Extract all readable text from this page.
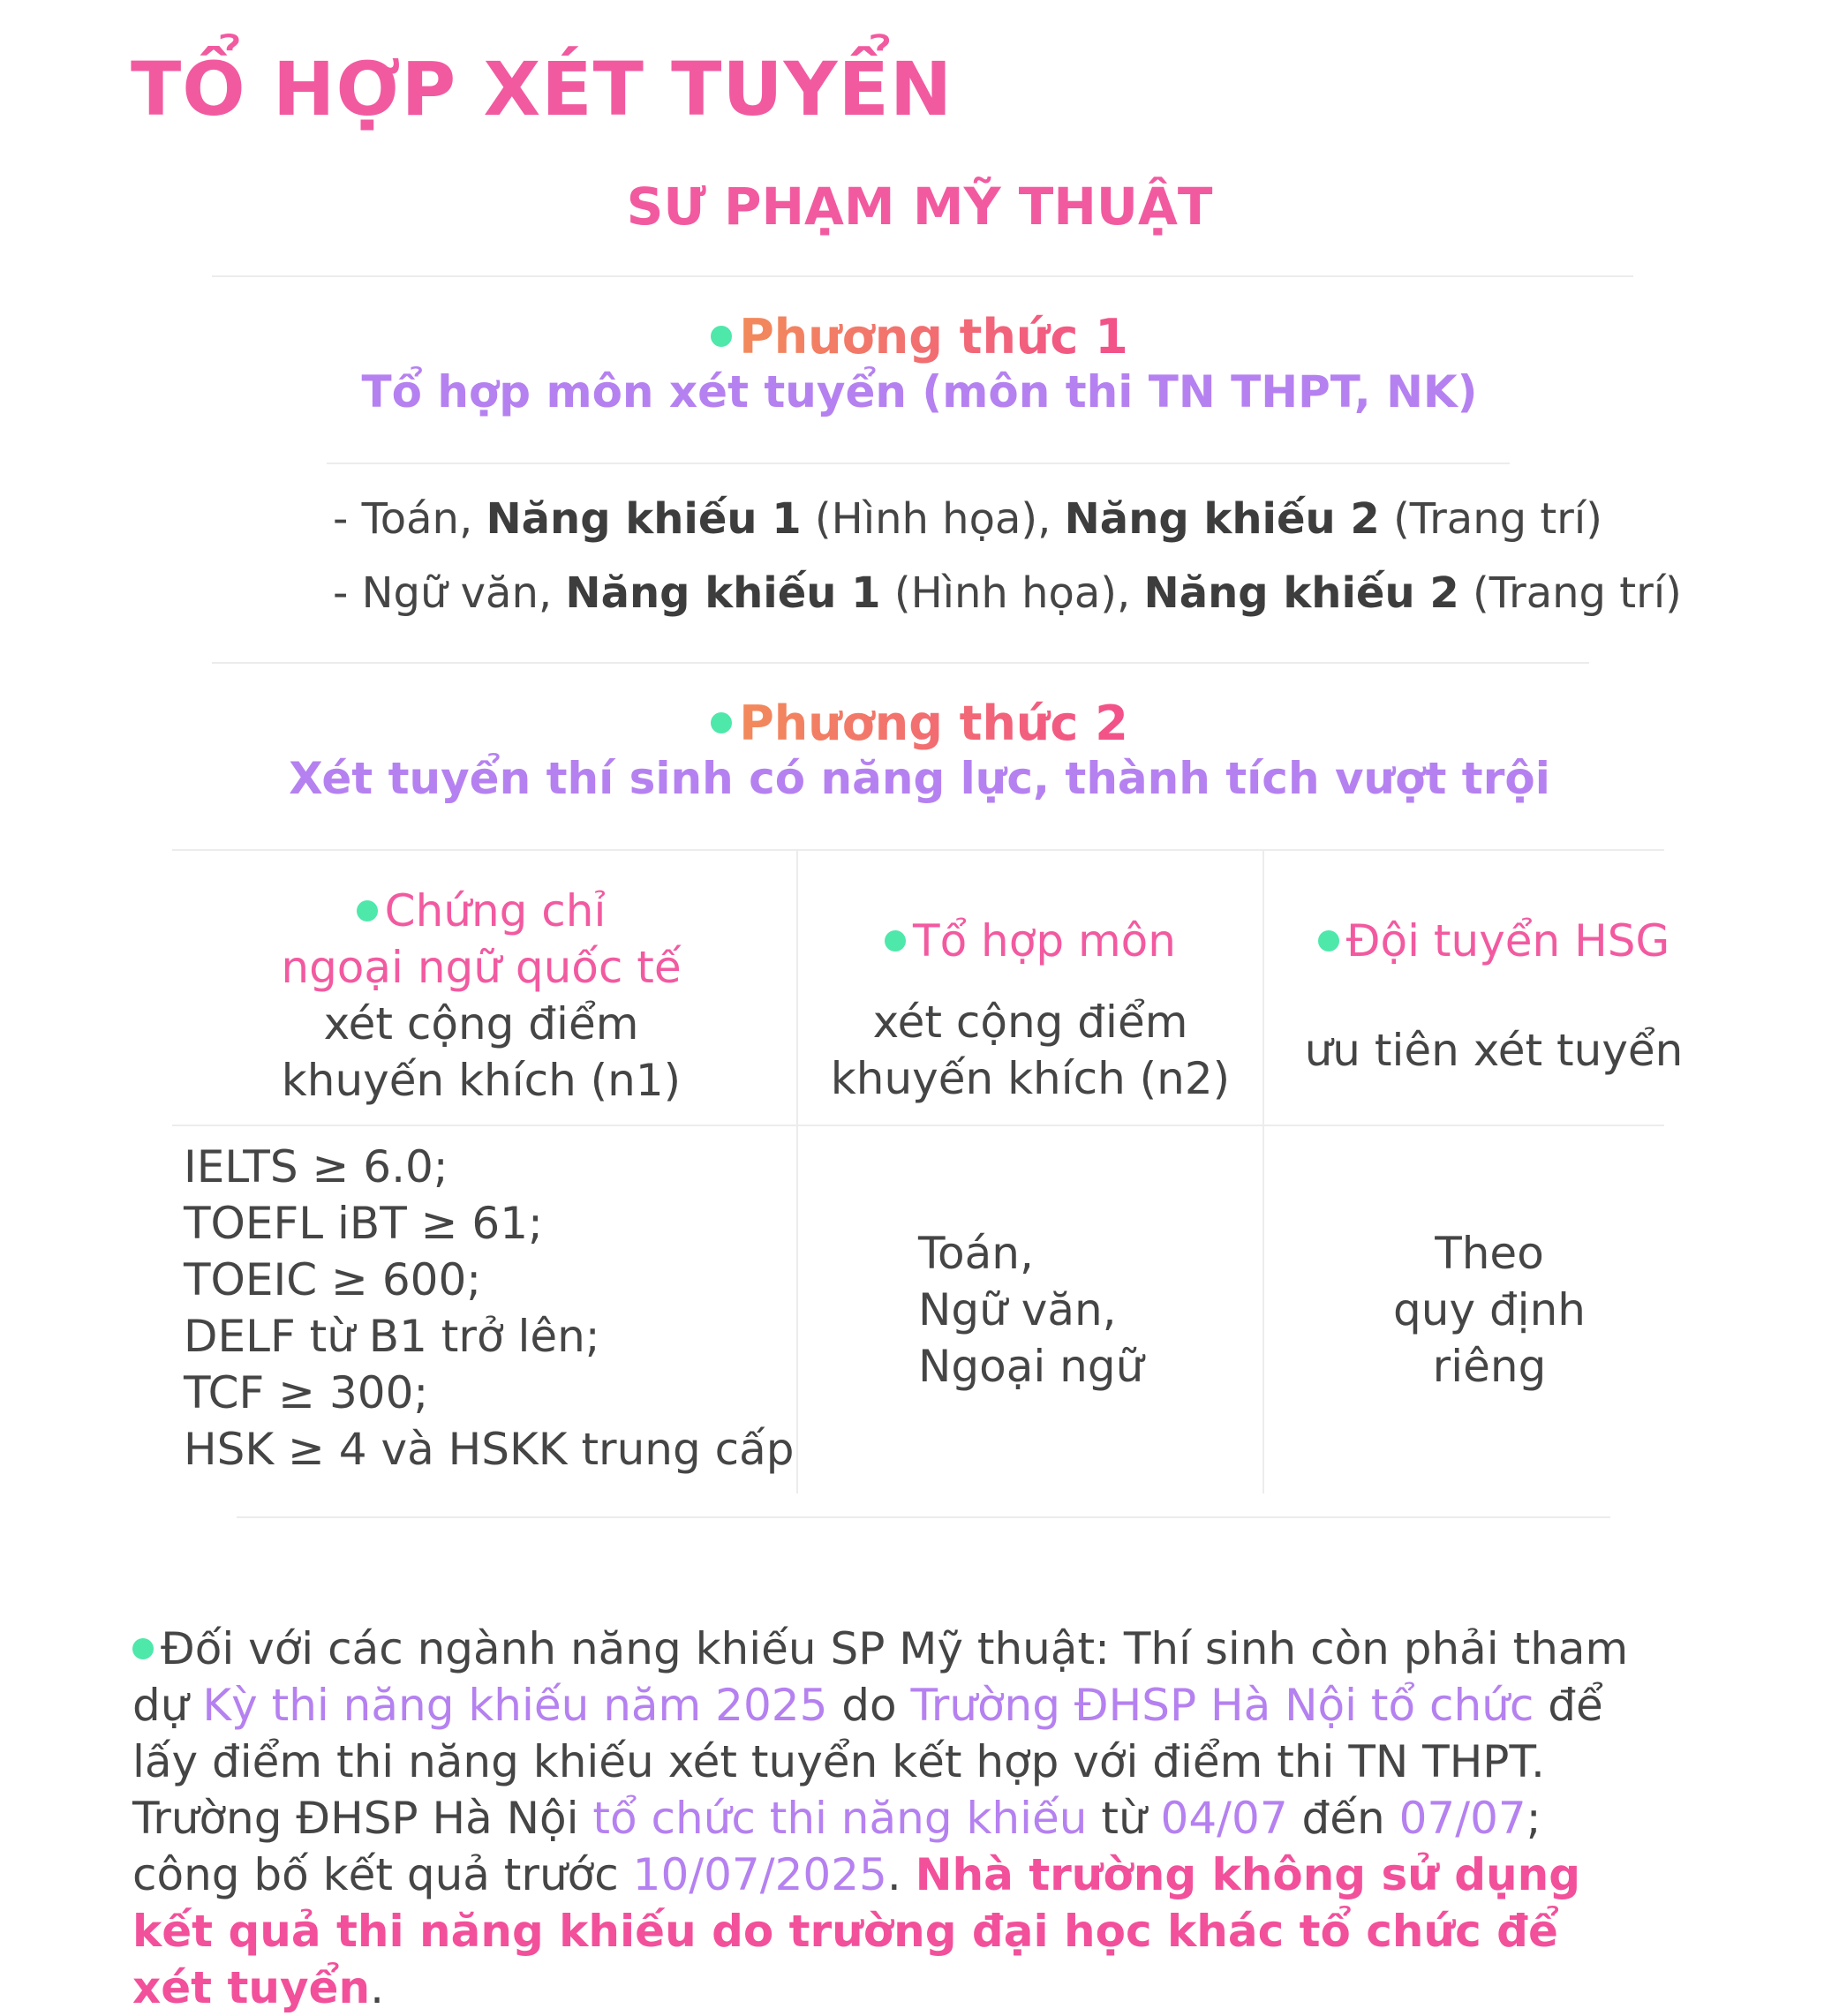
TỔ HỢP XÉT TUYỂN
SƯ PHẠM MỸ THUẬT
Phương thức 1
Tổ hợp môn xét tuyển (môn thi TN THPT, NK)
- Toán, Năng khiếu 1 (Hình họa), Năng khiếu 2 (Trang trí)
- Ngữ văn, Năng khiếu 1 (Hình họa), Năng khiếu 2 (Trang trí)
Phương thức 2
Xét tuyển thí sinh có năng lực, thành tích vượt trội
Chứng chỉ
ngoại ngữ quốc tế
xét cộng điểm
khuyến khích (n1)
Tổ hợp môn
xét cộng điểm
khuyến khích (n2)
Đội tuyển HSG
ưu tiên xét tuyển
IELTS ≥ 6.0;
TOEFL iBT ≥ 61;
TOEIC ≥ 600;
DELF từ B1 trở lên;
TCF ≥ 300;
HSK ≥ 4 và HSKK trung cấp
Toán,
Ngữ văn,
Ngoại ngữ
Theo
quy định
riêng
Đối với các ngành năng khiếu SP Mỹ thuật: Thí sinh còn phải tham dự Kỳ thi năng khiếu năm 2025 do Trường ĐHSP Hà Nội tổ chức để lấy điểm thi năng khiếu xét tuyển kết hợp với điểm thi TN THPT. Trường ĐHSP Hà Nội tổ chức thi năng khiếu từ 04/07 đến 07/07; công bố kết quả trước 10/07/2025. Nhà trường không sử dụng kết quả thi năng khiếu do trường đại học khác tổ chức để xét tuyển.
